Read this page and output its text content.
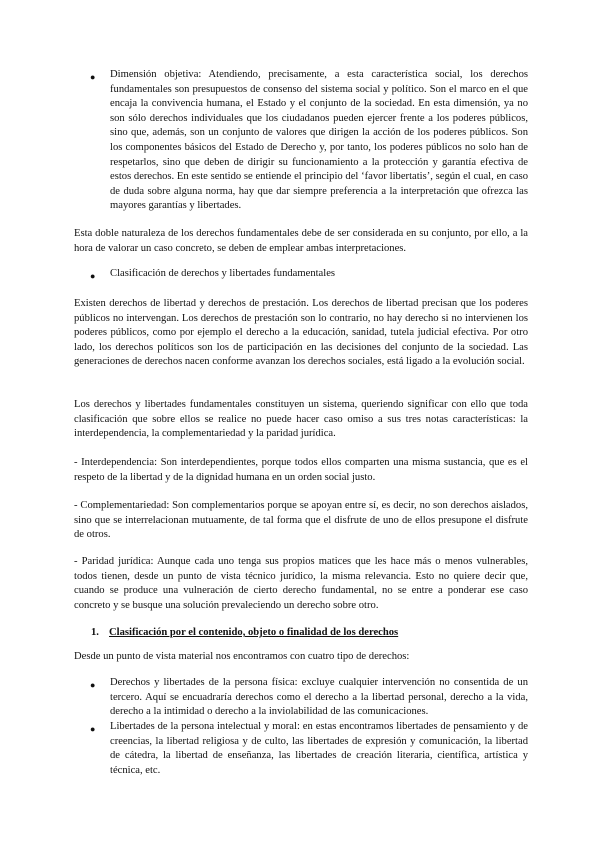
●	Dimensión objetiva: Atendiendo, precisamente, a esta característica social, los derechos fundamentales son presupuestos de consenso del sistema social y político. Son el marco en el que encaja la convivencia humana, el Estado y el conjunto de la sociedad. En esta dimensión, ya no son sólo derechos individuales que los ciudadanos pueden ejercer frente a los poderes públicos, sino que, además, son un conjunto de valores que dirigen la acción de los poderes públicos. Son los componentes básicos del Estado de Derecho y, por tanto, los poderes públicos no solo han de respetarlos, sino que deben de dirigir su funcionamiento a la protección y garantía efectiva de estos derechos. En este sentido se entiende el principio del ‘favor libertatis’, según el cual, en caso de duda sobre alguna norma, hay que dar siempre preferencia a la interpretación que ofrezca las mayores garantías y libertades.

Esta doble naturaleza de los derechos fundamentales debe de ser considerada en su conjunto, por ello, a la hora de valorar un caso concreto, se deben de emplear ambas interpretaciones.

●	Clasificación de derechos y libertades fundamentales

Existen derechos de libertad y derechos de prestación. Los derechos de libertad precisan que los poderes públicos no intervengan. Los derechos de prestación son lo contrario, no hay derecho si no intervienen los poderes públicos, como por ejemplo el derecho a la educación, sanidad, tutela judicial efectiva. Por otro lado, los derechos políticos son los de participación en las decisiones del conjunto de la sociedad. Las generaciones de derechos nacen conforme avanzan los derechos sociales, está ligado a la evolución social.

Los derechos y libertades fundamentales constituyen un sistema, queriendo significar con ello que toda clasificación que sobre ellos se realice no puede hacer caso omiso a sus tres notas características: la interdependencia, la complementariedad y la paridad jurídica.

- Interdependencia: Son interdependientes, porque todos ellos comparten una misma sustancia, que es el respeto de la libertad y de la dignidad humana en un orden social justo.

- Complementariedad: Son complementarios porque se apoyan entre sí, es decir, no son derechos aislados, sino que se interrelacionan mutuamente, de tal forma que el disfrute de uno de ellos presupone el disfrute de otros.

- Paridad jurídica: Aunque cada uno tenga sus propios matices que les hace más o menos vulnerables, todos tienen, desde un punto de vista técnico jurídico, la misma relevancia. Esto no quiere decir que, cuando se produce una vulneración de cierto derecho fundamental, no se entre a ponderar ese caso concreto y se busque una solución prevaleciendo un derecho sobre otro.

1. Clasificación por el contenido, objeto o finalidad de los derechos

Desde un punto de vista material nos encontramos con cuatro tipo de derechos:

●	Derechos y libertades de la persona física: excluye cualquier intervención no consentida de un tercero. Aquí se encuadraría derechos como el derecho a la libertad personal, derecho a la vida, derecho a la intimidad o derecho a la inviolabilidad de las comunicaciones.

●	Libertades de la persona intelectual y moral: en estas encontramos libertades de pensamiento y de creencias, la libertad religiosa y de culto, las libertades de expresión y comunicación, la libertad de cátedra, la libertad de enseñanza, las libertades de creación literaria, científica, artística y técnica, etc.
